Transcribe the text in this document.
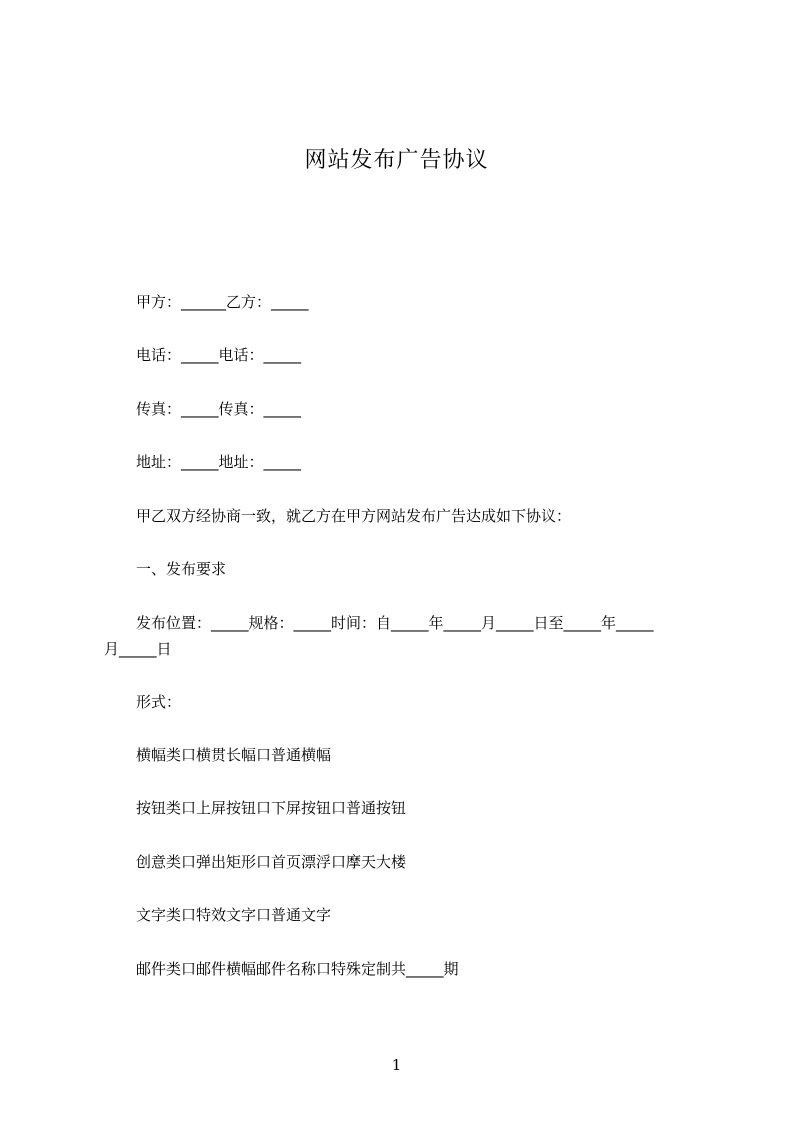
网站发布广告协议
甲方：______乙方：_____
电话：_____电话：_____
传真：_____传真：_____
地址：_____地址：_____
甲乙双方经协商一致，就乙方在甲方网站发布广告达成如下协议：
一、发布要求
发布位置：_____规格：_____时间：自_____年_____月_____日至_____年_____
月_____日
形式：
横幅类口横贯长幅口普通横幅
按钮类口上屏按钮口下屏按钮口普通按钮
创意类口弹出矩形口首页漂浮口摩天大楼
文字类口特效文字口普通文字
邮件类口邮件横幅邮件名称口特殊定制共_____期
1
